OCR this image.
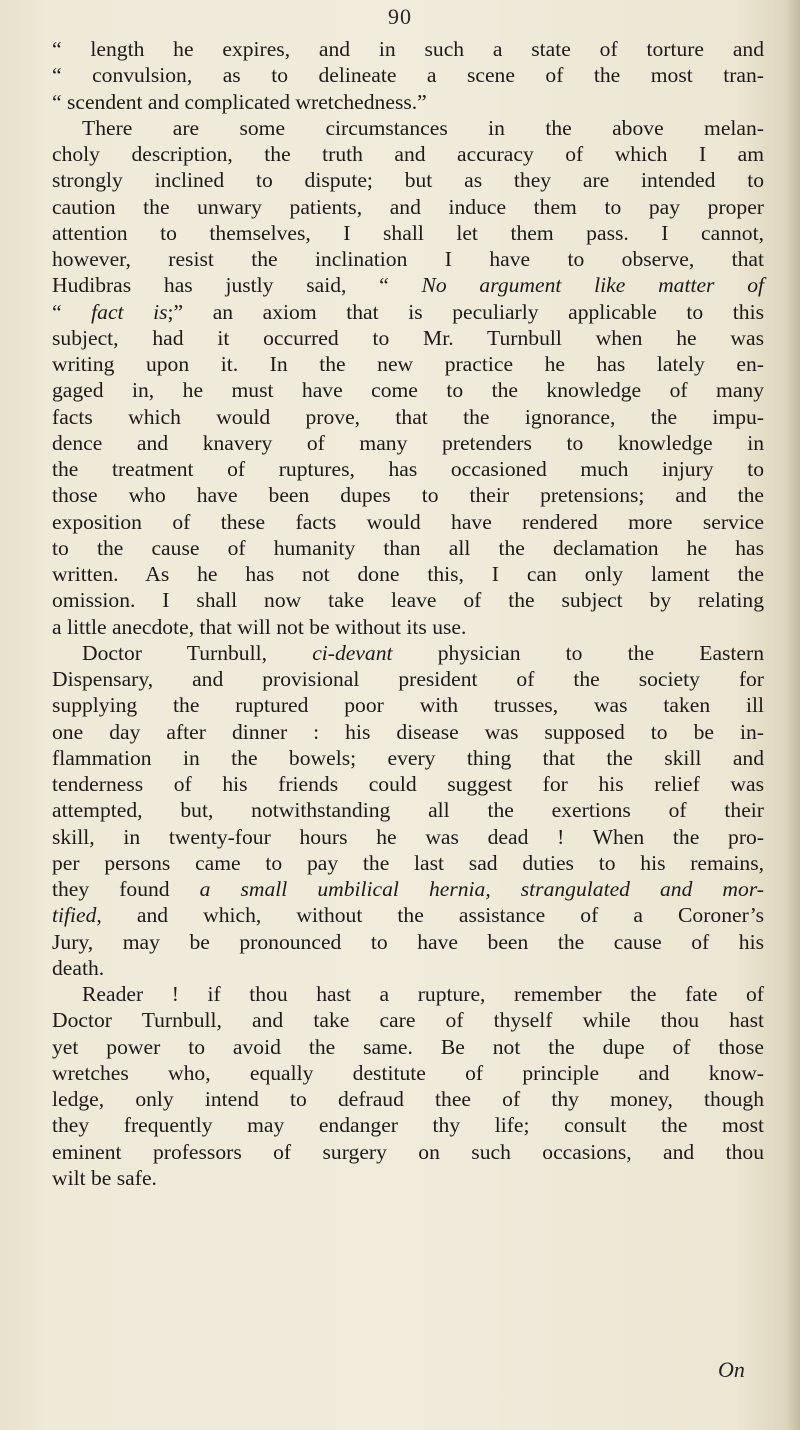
90
“ length he expires, and in such a state of torture and
“ convulsion, as to delineate a scene of the most tran-
“ scendent and complicated wretchedness.”
There are some circumstances in the above melan-
choly description, the truth and accuracy of which I am
strongly inclined to dispute; but as they are intended to
caution the unwary patients, and induce them to pay proper
attention to themselves, I shall let them pass. I cannot,
however, resist the inclination I have to observe, that
Hudibras has justly said, “ No argument like matter of
“ fact is;” an axiom that is peculiarly applicable to this
subject, had it occurred to Mr. Turnbull when he was
writing upon it. In the new practice he has lately en-
gaged in, he must have come to the knowledge of many
facts which would prove, that the ignorance, the impu-
dence and knavery of many pretenders to knowledge in
the treatment of ruptures, has occasioned much injury to
those who have been dupes to their pretensions; and the
exposition of these facts would have rendered more service
to the cause of humanity than all the declamation he has
written. As he has not done this, I can only lament the
omission. I shall now take leave of the subject by relating
a little anecdote, that will not be without its use.
Doctor Turnbull, ci-devant physician to the Eastern
Dispensary, and provisional president of the society for
supplying the ruptured poor with trusses, was taken ill
one day after dinner : his disease was supposed to be in-
flammation in the bowels; every thing that the skill and
tenderness of his friends could suggest for his relief was
attempted, but, notwithstanding all the exertions of their
skill, in twenty-four hours he was dead ! When the pro-
per persons came to pay the last sad duties to his remains,
they found a small umbilical hernia, strangulated and mor-
tified, and which, without the assistance of a Coroner’s
Jury, may be pronounced to have been the cause of his
death.
Reader ! if thou hast a rupture, remember the fate of
Doctor Turnbull, and take care of thyself while thou hast
yet power to avoid the same. Be not the dupe of those
wretches who, equally destitute of principle and know-
ledge, only intend to defraud thee of thy money, though
they frequently may endanger thy life; consult the most
eminent professors of surgery on such occasions, and thou
wilt be safe.
On
